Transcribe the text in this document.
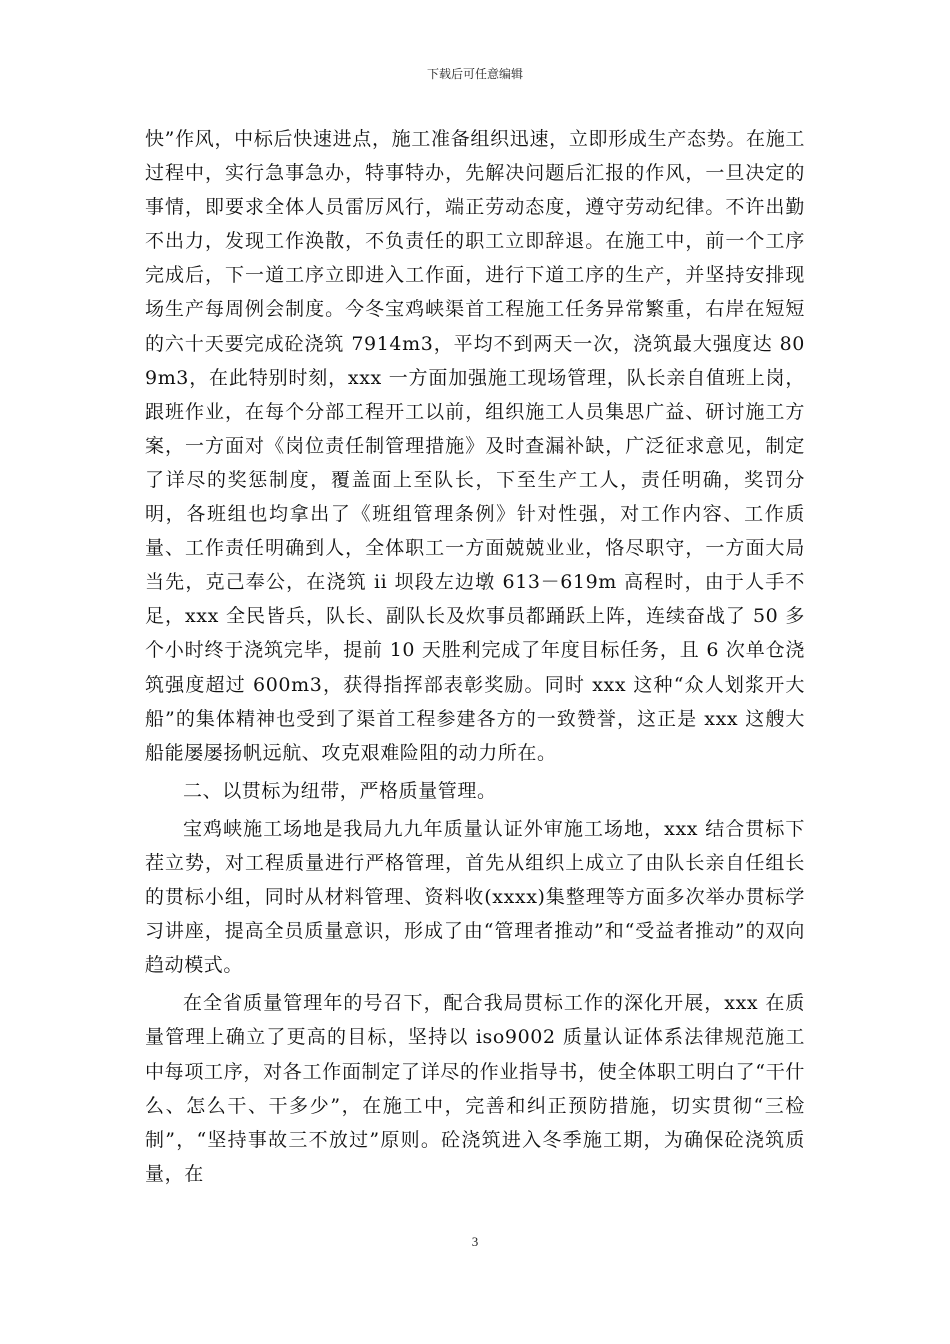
下载后可任意编辑

快”作风，中标后快速进点，施工准备组织迅速，立即形成生产态势。在施工过程中，实行急事急办，特事特办，先解决问题后汇报的作风，一旦决定的事情，即要求全体人员雷厉风行，端正劳动态度，遵守劳动纪律。不许出勤不出力，发现工作涣散，不负责任的职工立即辞退。在施工中，前一个工序完成后，下一道工序立即进入工作面，进行下道工序的生产，并坚持安排现场生产每周例会制度。今冬宝鸡峡渠首工程施工任务异常繁重，右岸在短短的六十天要完成砼浇筑 7914m3，平均不到两天一次，浇筑最大强度达 809m3，在此特别时刻，xxx 一方面加强施工现场管理，队长亲自值班上岗，跟班作业，在每个分部工程开工以前，组织施工人员集思广益、研讨施工方案，一方面对《岗位责任制管理措施》及时查漏补缺，广泛征求意见，制定了详尽的奖惩制度，覆盖面上至队长，下至生产工人，责任明确，奖罚分明，各班组也均拿出了《班组管理条例》针对性强，对工作内容、工作质量、工作责任明确到人，全体职工一方面兢兢业业，恪尽职守，一方面大局当先，克己奉公，在浇筑 ii 坝段左边墩 613－619m 高程时，由于人手不足，xxx 全民皆兵，队长、副队长及炊事员都踊跃上阵，连续奋战了 50 多个小时终于浇筑完毕，提前 10 天胜利完成了年度目标任务，且 6 次单仓浇筑强度超过 600m3，获得指挥部表彰奖励。同时 xxx 这种“众人划浆开大船”的集体精神也受到了渠首工程参建各方的一致赞誉，这正是 xxx 这艘大船能屡屡扬帆远航、攻克艰难险阻的动力所在。

二、以贯标为纽带，严格质量管理。

宝鸡峡施工场地是我局九九年质量认证外审施工场地，xxx 结合贯标下茬立势，对工程质量进行严格管理，首先从组织上成立了由队长亲自任组长的贯标小组，同时从材料管理、资料收(xxxx)集整理等方面多次举办贯标学习讲座，提高全员质量意识，形成了由“管理者推动”和“受益者推动”的双向趋动模式。

在全省质量管理年的号召下，配合我局贯标工作的深化开展，xxx 在质量管理上确立了更高的目标，坚持以 iso9002 质量认证体系法律规范施工中每项工序，对各工作面制定了详尽的作业指导书，使全体职工明白了“干什么、怎么干、干多少”，在施工中，完善和纠正预防措施，切实贯彻“三检制”，“坚持事故三不放过”原则。砼浇筑进入冬季施工期，为确保砼浇筑质量，在

3
